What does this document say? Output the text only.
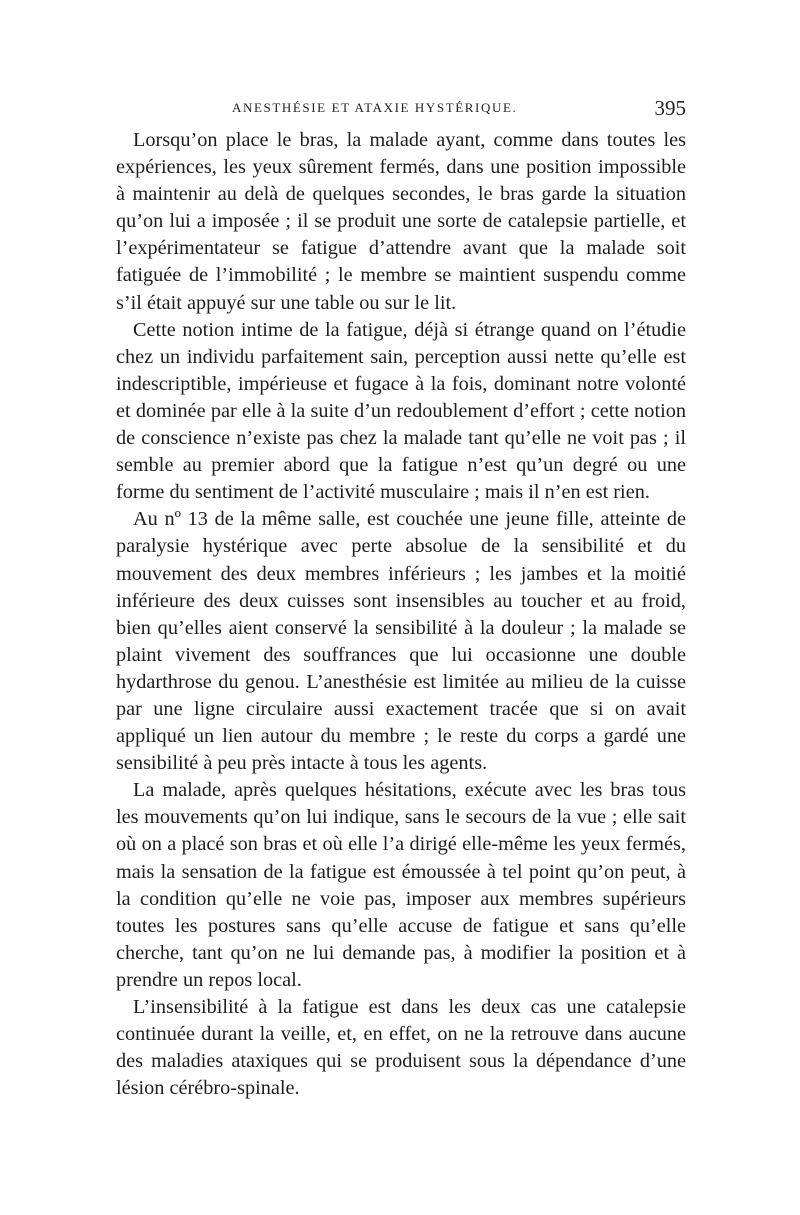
ANESTHÉSIE ET ATAXIE HYSTÉRIQUE.	395

Lorsqu’on place le bras, la malade ayant, comme dans toutes les expériences, les yeux sûrement fermés, dans une position impossible à maintenir au delà de quelques secondes, le bras garde la situation qu’on lui a imposée ; il se produit une sorte de catalepsie partielle, et l’expérimentateur se fatigue d’attendre avant que la malade soit fatiguée de l’immobilité ; le membre se maintient suspendu comme s’il était appuyé sur une table ou sur le lit.

Cette notion intime de la fatigue, déjà si étrange quand on l’étudie chez un individu parfaitement sain, perception aussi nette qu’elle est indescriptible, impérieuse et fugace à la fois, dominant notre volonté et dominée par elle à la suite d’un redoublement d’effort ; cette notion de conscience n’existe pas chez la malade tant qu’elle ne voit pas ; il semble au premier abord que la fatigue n’est qu’un degré ou une forme du sentiment de l’activité musculaire ; mais il n’en est rien.

Au nº 13 de la même salle, est couchée une jeune fille, atteinte de paralysie hystérique avec perte absolue de la sensibilité et du mouvement des deux membres inférieurs ; les jambes et la moitié inférieure des deux cuisses sont insensibles au toucher et au froid, bien qu’elles aient conservé la sensibilité à la douleur ; la malade se plaint vivement des souffrances que lui occasionne une double hydarthrose du genou. L’anesthésie est limitée au milieu de la cuisse par une ligne circulaire aussi exactement tracée que si on avait appliqué un lien autour du membre ; le reste du corps a gardé une sensibilité à peu près intacte à tous les agents.

La malade, après quelques hésitations, exécute avec les bras tous les mouvements qu’on lui indique, sans le secours de la vue ; elle sait où on a placé son bras et où elle l’a dirigé elle-même les yeux fermés, mais la sensation de la fatigue est émoussée à tel point qu’on peut, à la condition qu’elle ne voie pas, imposer aux membres supérieurs toutes les postures sans qu’elle accuse de fatigue et sans qu’elle cherche, tant qu’on ne lui demande pas, à modifier la position et à prendre un repos local.

L’insensibilité à la fatigue est dans les deux cas une catalepsie continuée durant la veille, et, en effet, on ne la retrouve dans aucune des maladies ataxiques qui se produisent sous la dépendance d’une lésion cérébro-spinale.
